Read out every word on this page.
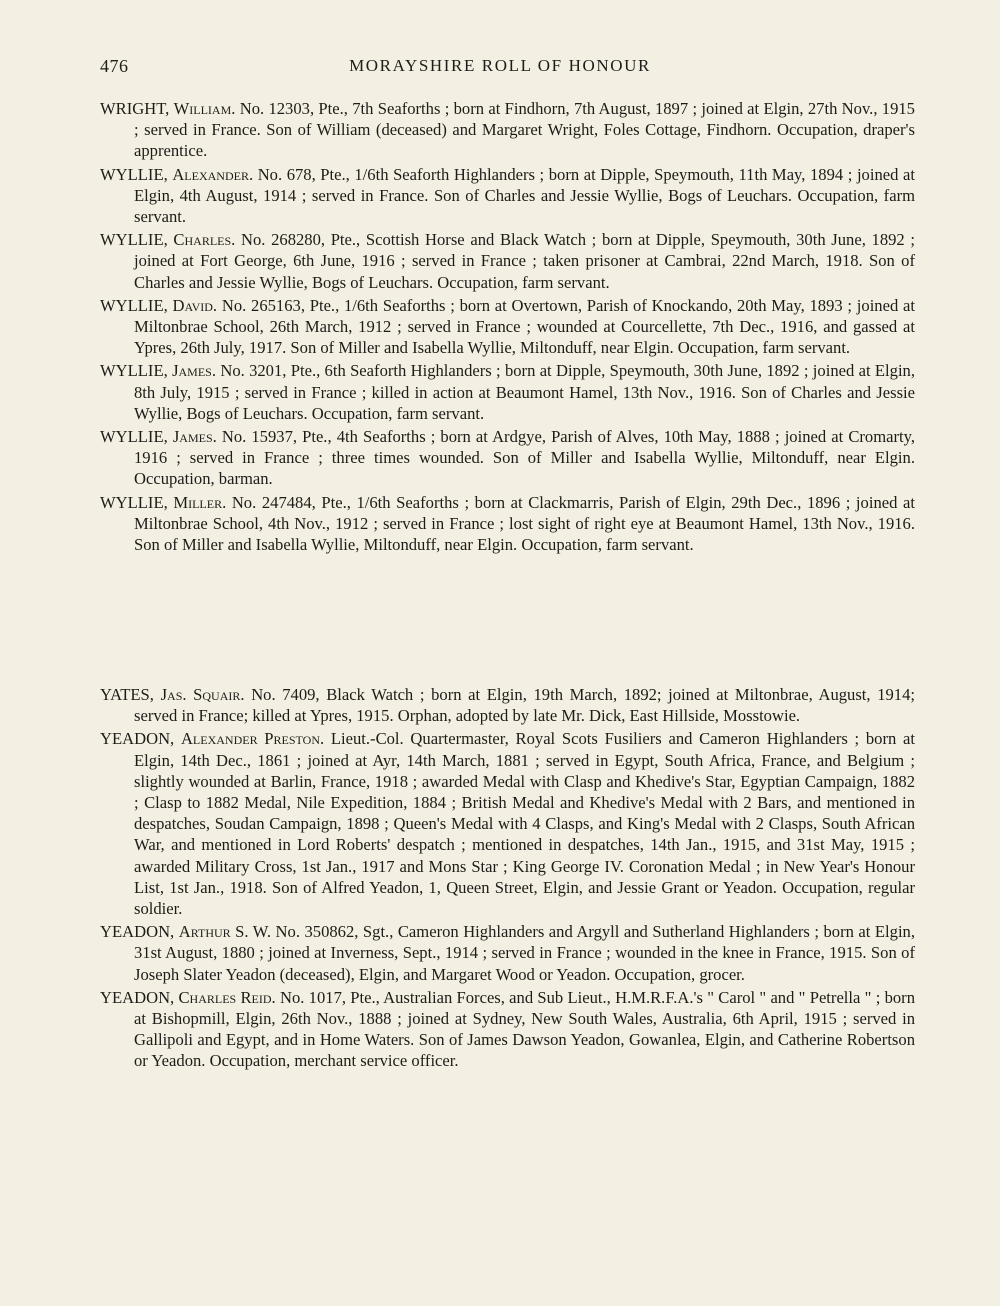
476	MORAYSHIRE ROLL OF HONOUR

WRIGHT, William. No. 12303, Pte., 7th Seaforths ; born at Findhorn, 7th August, 1897 ; joined at Elgin, 27th Nov., 1915 ; served in France. Son of William (deceased) and Margaret Wright, Foles Cottage, Findhorn. Occupation, draper's apprentice.

WYLLIE, Alexander. No. 678, Pte., 1/6th Seaforth Highlanders ; born at Dipple, Speymouth, 11th May, 1894 ; joined at Elgin, 4th August, 1914 ; served in France. Son of Charles and Jessie Wyllie, Bogs of Leuchars. Occupation, farm servant.

WYLLIE, Charles. No. 268280, Pte., Scottish Horse and Black Watch ; born at Dipple, Speymouth, 30th June, 1892 ; joined at Fort George, 6th June, 1916 ; served in France ; taken prisoner at Cambrai, 22nd March, 1918. Son of Charles and Jessie Wyllie, Bogs of Leuchars. Occupation, farm servant.

WYLLIE, David. No. 265163, Pte., 1/6th Seaforths ; born at Overtown, Parish of Knockando, 20th May, 1893 ; joined at Miltonbrae School, 26th March, 1912 ; served in France ; wounded at Courcellette, 7th Dec., 1916, and gassed at Ypres, 26th July, 1917. Son of Miller and Isabella Wyllie, Miltonduff, near Elgin. Occupation, farm servant.

WYLLIE, James. No. 3201, Pte., 6th Seaforth Highlanders ; born at Dipple, Speymouth, 30th June, 1892 ; joined at Elgin, 8th July, 1915 ; served in France ; killed in action at Beaumont Hamel, 13th Nov., 1916. Son of Charles and Jessie Wyllie, Bogs of Leuchars. Occupation, farm servant.

WYLLIE, James. No. 15937, Pte., 4th Seaforths ; born at Ardgye, Parish of Alves, 10th May, 1888 ; joined at Cromarty, 1916 ; served in France ; three times wounded. Son of Miller and Isabella Wyllie, Miltonduff, near Elgin. Occupation, barman.

WYLLIE, Miller. No. 247484, Pte., 1/6th Seaforths ; born at Clackmarris, Parish of Elgin, 29th Dec., 1896 ; joined at Miltonbrae School, 4th Nov., 1912 ; served in France ; lost sight of right eye at Beaumont Hamel, 13th Nov., 1916. Son of Miller and Isabella Wyllie, Miltonduff, near Elgin. Occupation, farm servant.

YATES, Jas. Squair. No. 7409, Black Watch ; born at Elgin, 19th March, 1892; joined at Miltonbrae, August, 1914; served in France; killed at Ypres, 1915. Orphan, adopted by late Mr. Dick, East Hillside, Mosstowie.

YEADON, Alexander Preston. Lieut.-Col. Quartermaster, Royal Scots Fusiliers and Cameron Highlanders ; born at Elgin, 14th Dec., 1861 ; joined at Ayr, 14th March, 1881 ; served in Egypt, South Africa, France, and Belgium ; slightly wounded at Barlin, France, 1918 ; awarded Medal with Clasp and Khedive's Star, Egyptian Campaign, 1882 ; Clasp to 1882 Medal, Nile Expedition, 1884 ; British Medal and Khedive's Medal with 2 Bars, and mentioned in despatches, Soudan Campaign, 1898 ; Queen's Medal with 4 Clasps, and King's Medal with 2 Clasps, South African War, and mentioned in Lord Roberts' despatch ; mentioned in despatches, 14th Jan., 1915, and 31st May, 1915 ; awarded Military Cross, 1st Jan., 1917 and Mons Star ; King George IV. Coronation Medal ; in New Year's Honour List, 1st Jan., 1918. Son of Alfred Yeadon, 1, Queen Street, Elgin, and Jessie Grant or Yeadon. Occupation, regular soldier.

YEADON, Arthur S. W. No. 350862, Sgt., Cameron Highlanders and Argyll and Sutherland Highlanders ; born at Elgin, 31st August, 1880 ; joined at Inverness, Sept., 1914 ; served in France ; wounded in the knee in France, 1915. Son of Joseph Slater Yeadon (deceased), Elgin, and Margaret Wood or Yeadon. Occupation, grocer.

YEADON, Charles Reid. No. 1017, Pte., Australian Forces, and Sub Lieut., H.M.R.F.A.'s " Carol " and " Petrella " ; born at Bishopmill, Elgin, 26th Nov., 1888 ; joined at Sydney, New South Wales, Australia, 6th April, 1915 ; served in Gallipoli and Egypt, and in Home Waters. Son of James Dawson Yeadon, Gowanlea, Elgin, and Catherine Robertson or Yeadon. Occupation, merchant service officer.
